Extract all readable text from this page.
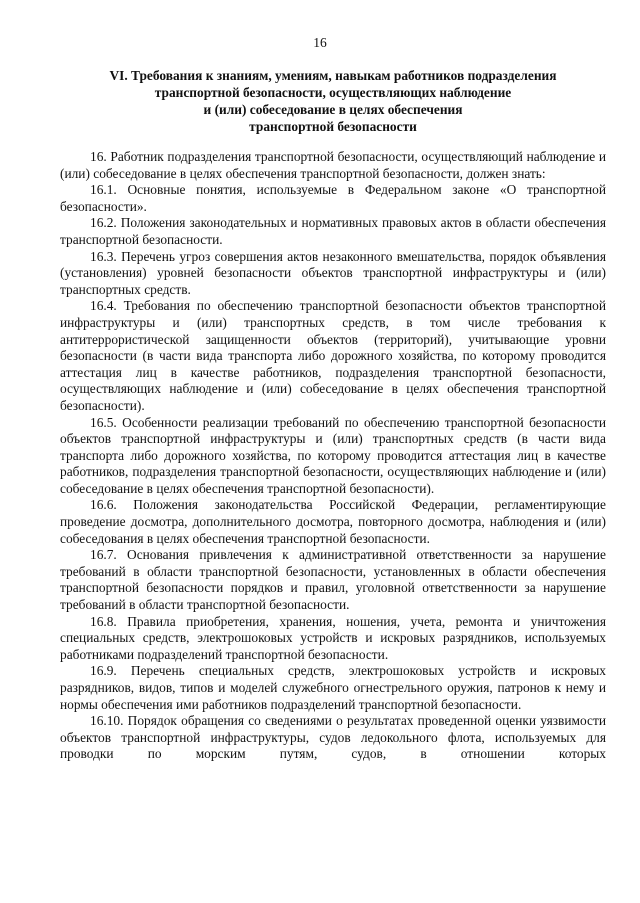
16
VI. Требования к знаниям, умениям, навыкам работников подразделения
транспортной безопасности, осуществляющих наблюдение
и (или) собеседование в целях обеспечения
транспортной безопасности

16. Работник подразделения транспортной безопасности, осуществляющий наблюдение и (или) собеседование в целях обеспечения транспортной безопасности, должен знать:

16.1. Основные понятия, используемые в Федеральном законе «О транспортной безопасности».

16.2. Положения законодательных и нормативных правовых актов в области обеспечения транспортной безопасности.

16.3. Перечень угроз совершения актов незаконного вмешательства, порядок объявления (установления) уровней безопасности объектов транспортной инфраструктуры и (или) транспортных средств.

16.4. Требования по обеспечению транспортной безопасности объектов транспортной инфраструктуры и (или) транспортных средств, в том числе требования к антитеррористической защищенности объектов (территорий), учитывающие уровни безопасности (в части вида транспорта либо дорожного хозяйства, по которому проводится аттестация лиц в качестве работников, подразделения транспортной безопасности, осуществляющих наблюдение и (или) собеседование в целях обеспечения транспортной безопасности).

16.5. Особенности реализации требований по обеспечению транспортной безопасности объектов транспортной инфраструктуры и (или) транспортных средств (в части вида транспорта либо дорожного хозяйства, по которому проводится аттестация лиц в качестве работников, подразделения транспортной безопасности, осуществляющих наблюдение и (или) собеседование в целях обеспечения транспортной безопасности).

16.6. Положения законодательства Российской Федерации, регламентирующие проведение досмотра, дополнительного досмотра, повторного досмотра, наблюдения и (или) собеседования в целях обеспечения транспортной безопасности.

16.7. Основания привлечения к административной ответственности за нарушение требований в области транспортной безопасности, установленных в области обеспечения транспортной безопасности порядков и правил, уголовной ответственности за нарушение требований в области транспортной безопасности.

16.8. Правила приобретения, хранения, ношения, учета, ремонта и уничтожения специальных средств, электрошоковых устройств и искровых разрядников, используемых работниками подразделений транспортной безопасности.

16.9. Перечень специальных средств, электрошоковых устройств и искровых разрядников, видов, типов и моделей служебного огнестрельного оружия, патронов к нему и нормы обеспечения ими работников подразделений транспортной безопасности.

16.10. Порядок обращения со сведениями о результатах проведенной оценки уязвимости объектов транспортной инфраструктуры, судов ледокольного флота, используемых для проводки по морским путям, судов, в отношении которых
